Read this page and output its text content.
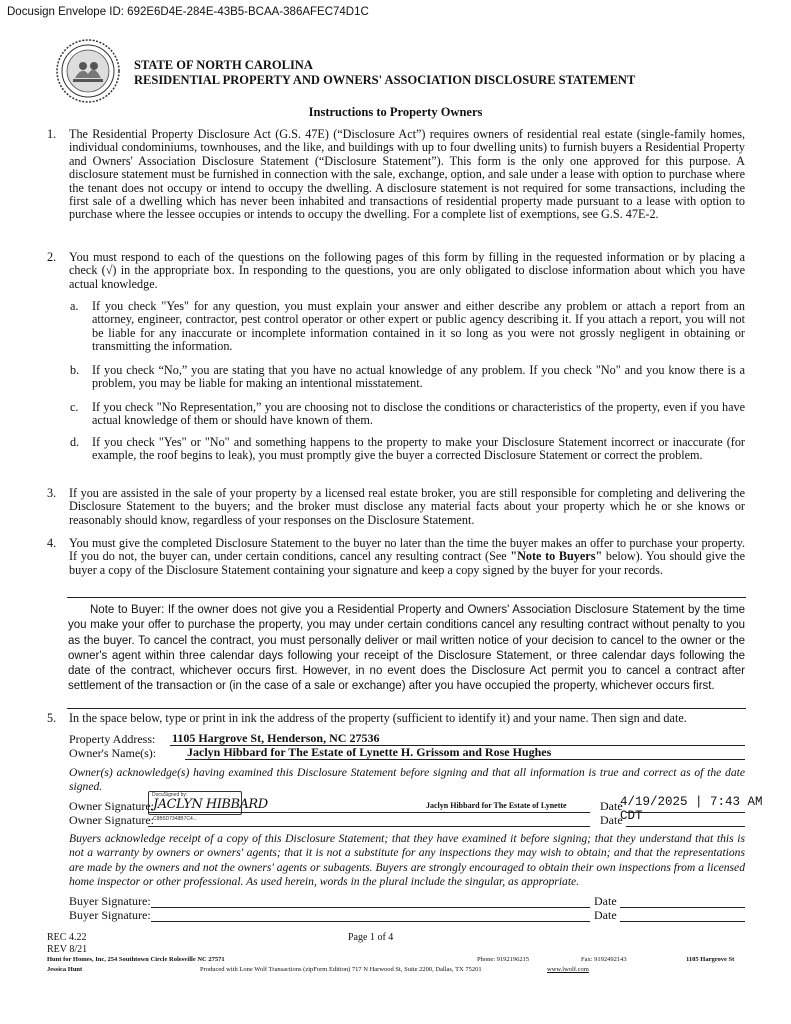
Docusign Envelope ID: 692E6D4E-284E-43B5-BCAA-386AFEC74D1C
STATE OF NORTH CAROLINA
RESIDENTIAL PROPERTY AND OWNERS' ASSOCIATION DISCLOSURE STATEMENT
Instructions to Property Owners
1. The Residential Property Disclosure Act (G.S. 47E) (“Disclosure Act”) requires owners of residential real estate (single-family homes, individual condominiums, townhouses, and the like, and buildings with up to four dwelling units) to furnish buyers a Residential Property and Owners' Association Disclosure Statement (“Disclosure Statement”). This form is the only one approved for this purpose. A disclosure statement must be furnished in connection with the sale, exchange, option, and sale under a lease with option to purchase where the tenant does not occupy or intend to occupy the dwelling. A disclosure statement is not required for some transactions, including the first sale of a dwelling which has never been inhabited and transactions of residential property made pursuant to a lease with option to purchase where the lessee occupies or intends to occupy the dwelling. For a complete list of exemptions, see G.S. 47E-2.
2. You must respond to each of the questions on the following pages of this form by filling in the requested information or by placing a check (√) in the appropriate box. In responding to the questions, you are only obligated to disclose information about which you have actual knowledge.
a. If you check "Yes" for any question, you must explain your answer and either describe any problem or attach a report from an attorney, engineer, contractor, pest control operator or other expert or public agency describing it. If you attach a report, you will not be liable for any inaccurate or incomplete information contained in it so long as you were not grossly negligent in obtaining or transmitting the information.
b. If you check “No,” you are stating that you have no actual knowledge of any problem. If you check "No" and you know there is a problem, you may be liable for making an intentional misstatement.
c. If you check "No Representation,” you are choosing not to disclose the conditions or characteristics of the property, even if you have actual knowledge of them or should have known of them.
d. If you check "Yes" or "No" and something happens to the property to make your Disclosure Statement incorrect or inaccurate (for example, the roof begins to leak), you must promptly give the buyer a corrected Disclosure Statement or correct the problem.
3. If you are assisted in the sale of your property by a licensed real estate broker, you are still responsible for completing and delivering the Disclosure Statement to the buyers; and the broker must disclose any material facts about your property which he or she knows or reasonably should know, regardless of your responses on the Disclosure Statement.
4. You must give the completed Disclosure Statement to the buyer no later than the time the buyer makes an offer to purchase your property. If you do not, the buyer can, under certain conditions, cancel any resulting contract (See "Note to Buyers" below). You should give the buyer a copy of the Disclosure Statement containing your signature and keep a copy signed by the buyer for your records.
Note to Buyer: If the owner does not give you a Residential Property and Owners' Association Disclosure Statement by the time you make your offer to purchase the property, you may under certain conditions cancel any resulting contract without penalty to you as the buyer. To cancel the contract, you must personally deliver or mail written notice of your decision to cancel to the owner or the owner's agent within three calendar days following your receipt of the Disclosure Statement, or three calendar days following the date of the contract, whichever occurs first. However, in no event does the Disclosure Act permit you to cancel a contract after settlement of the transaction or (in the case of a sale or exchange) after you have occupied the property, whichever occurs first.
5. In the space below, type or print in ink the address of the property (sufficient to identify it) and your name. Then sign and date.
Property Address: 1105 Hargrove St, Henderson, NC 27536
Owner's Name(s):	Jaclyn Hibbard for The Estate of Lynette H. Grissom and Rose Hughes
Owner(s) acknowledge(s) having examined this Disclosure Statement before signing and that all information is true and correct as of the date signed.
Owner Signature:
DocuSigned by:
JACLYN HIBBARD	Jaclyn Hibbard for The Estate of Lynette	Date
4/19/2025 | 7:43 AM CDT
Owner Signature: C8B5D7348B7C4...	Date
Buyers acknowledge receipt of a copy of this Disclosure Statement; that they have examined it before signing; that they understand that this is not a warranty by owners or owners' agents; that it is not a substitute for any inspections they may wish to obtain; and that the representations are made by the owners and not the owners' agents or subagents. Buyers are strongly encouraged to obtain their own inspections from a licensed home inspector or other professional. As used herein, words in the plural include the singular, as appropriate.
Buyer Signature:	Date
Buyer Signature:	Date
REC 4.22	Page 1 of 4
REV 8/21
Hunt for Homes, Inc, 254 Southtown Circle Rolesville NC 27571	Phone: 9192196215	Fax: 9192492143	1105 Hargrove St
Jessica Hunt	Produced with Lone Wolf Transactions (zipForm Edition) 717 N Harwood St, Suite 2200, Dallas, TX 75201	www.lwolf.com
